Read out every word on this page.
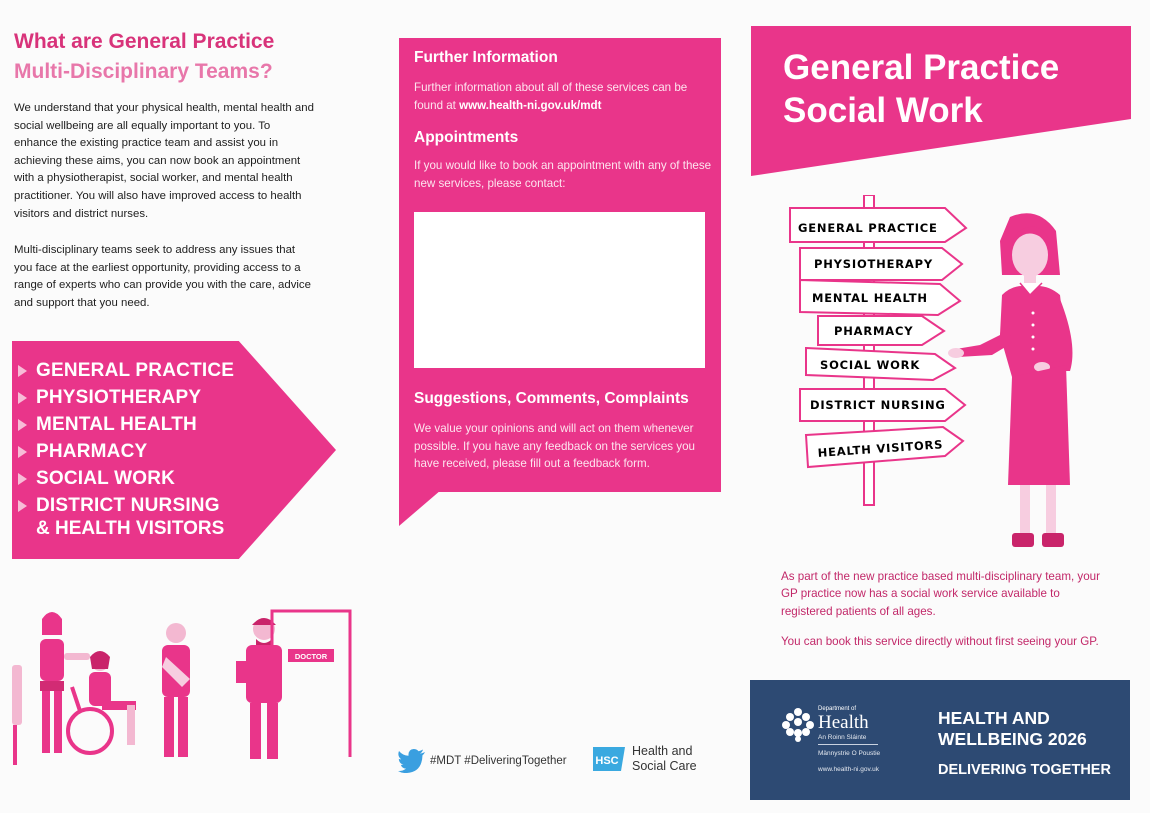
What are General Practice
Multi-Disciplinary Teams?

We understand that your physical health, mental health and social wellbeing are all equally important to you. To enhance the existing practice team and assist you in achieving these aims, you can now book an appointment with a physiotherapist, social worker, and mental health practitioner. You will also have improved access to health visitors and district nurses.

Multi-disciplinary teams seek to address any issues that you face at the earliest opportunity, providing access to a range of experts who can provide you with the care, advice and support that you need.

GENERAL PRACTICE
PHYSIOTHERAPY
MENTAL HEALTH
PHARMACY
SOCIAL WORK
DISTRICT NURSING
& HEALTH VISITORS
DOCTOR
Further Information

Further information about all of these services can be found at www.health-ni.gov.uk/mdt

Appointments

If you would like to book an appointment with any of these new services, please contact:

Suggestions, Comments, Complaints

We value your opinions and will act on them whenever possible. If you have any feedback on the services you have received, please fill out a feedback form.

#MDT #DeliveringTogether	HSC
Health and
Social Care
General Practice
Social Work
GENERAL PRACTICE
PHYSIOTHERAPY
MENTAL HEALTH
PHARMACY
SOCIAL WORK
DISTRICT NURSING
HEALTH VISITORS

As part of the new practice based multi-disciplinary team, your GP practice now has a social work service available to registered patients of all ages.

You can book this service directly without first seeing your GP.

Department of
Health
An Roinn Sláinte
Männystrie O Poustie
www.health-ni.gov.uk
HEALTH AND
WELLBEING 2026
DELIVERING TOGETHER
